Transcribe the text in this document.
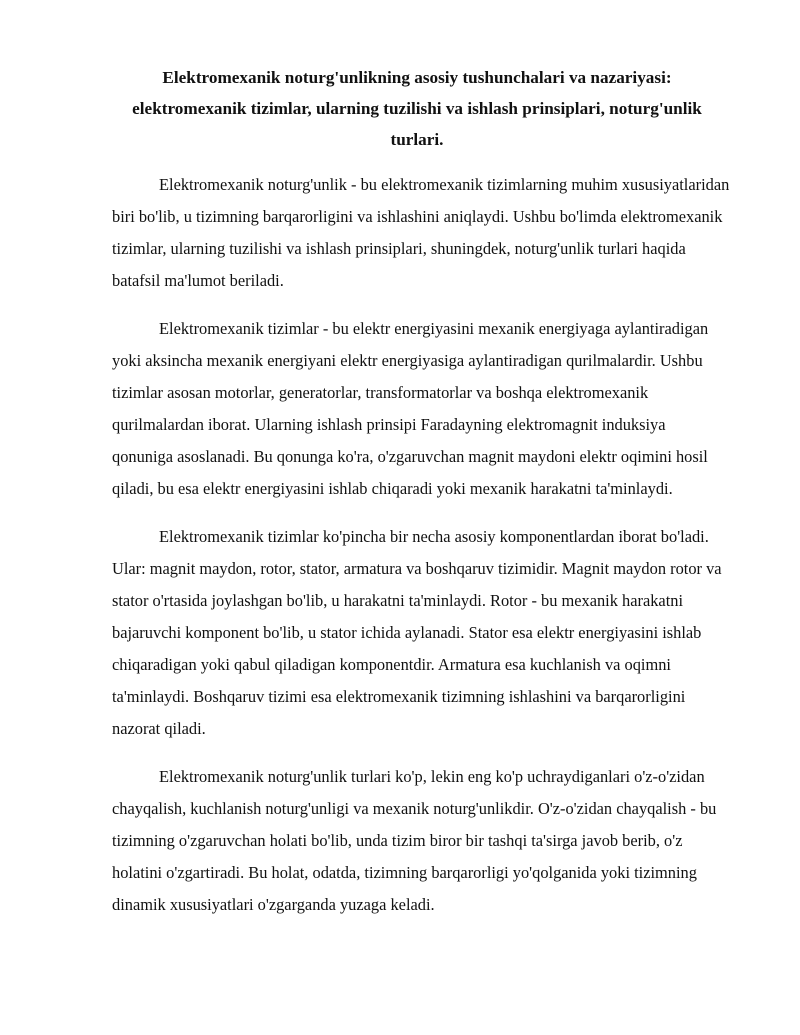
Elektromexanik noturg'unlikning asosiy tushunchalari va nazariyasi: elektromexanik tizimlar, ularning tuzilishi va ishlash prinsiplari, noturg'unlik turlari.

Elektromexanik noturg'unlik - bu elektromexanik tizimlarning muhim xususiyatlaridan biri bo'lib, u tizimning barqarorligini va ishlashini aniqlaydi. Ushbu bo'limda elektromexanik tizimlar, ularning tuzilishi va ishlash prinsiplari, shuningdek, noturg'unlik turlari haqida batafsil ma'lumot beriladi.

Elektromexanik tizimlar - bu elektr energiyasini mexanik energiyaga aylantiradigan yoki aksincha mexanik energiyani elektr energiyasiga aylantiradigan qurilmalardir. Ushbu tizimlar asosan motorlar, generatorlar, transformatorlar va boshqa elektromexanik qurilmalardan iborat. Ularning ishlash prinsipi Faradayning elektromagnit induksiya qonuniga asoslanadi. Bu qonunga ko'ra, o'zgaruvchan magnit maydoni elektr oqimini hosil qiladi, bu esa elektr energiyasini ishlab chiqaradi yoki mexanik harakatni ta'minlaydi.

Elektromexanik tizimlar ko'pincha bir necha asosiy komponentlardan iborat bo'ladi. Ular: magnit maydon, rotor, stator, armatura va boshqaruv tizimidir. Magnit maydon rotor va stator o'rtasida joylashgan bo'lib, u harakatni ta'minlaydi. Rotor - bu mexanik harakatni bajaruvchi komponent bo'lib, u stator ichida aylanadi. Stator esa elektr energiyasini ishlab chiqaradigan yoki qabul qiladigan komponentdir. Armatura esa kuchlanish va oqimni ta'minlaydi. Boshqaruv tizimi esa elektromexanik tizimning ishlashini va barqarorligini nazorat qiladi.

Elektromexanik noturg'unlik turlari ko'p, lekin eng ko'p uchraydiganlari o'z-o'zidan chayqalish, kuchlanish noturg'unligi va mexanik noturg'unlikdir. O'z-o'zidan chayqalish - bu tizimning o'zgaruvchan holati bo'lib, unda tizim biror bir tashqi ta'sirga javob berib, o'z holatini o'zgartiradi. Bu holat, odatda, tizimning barqarorligi yo'qolganida yoki tizimning dinamik xususiyatlari o'zgarganda yuzaga keladi.
